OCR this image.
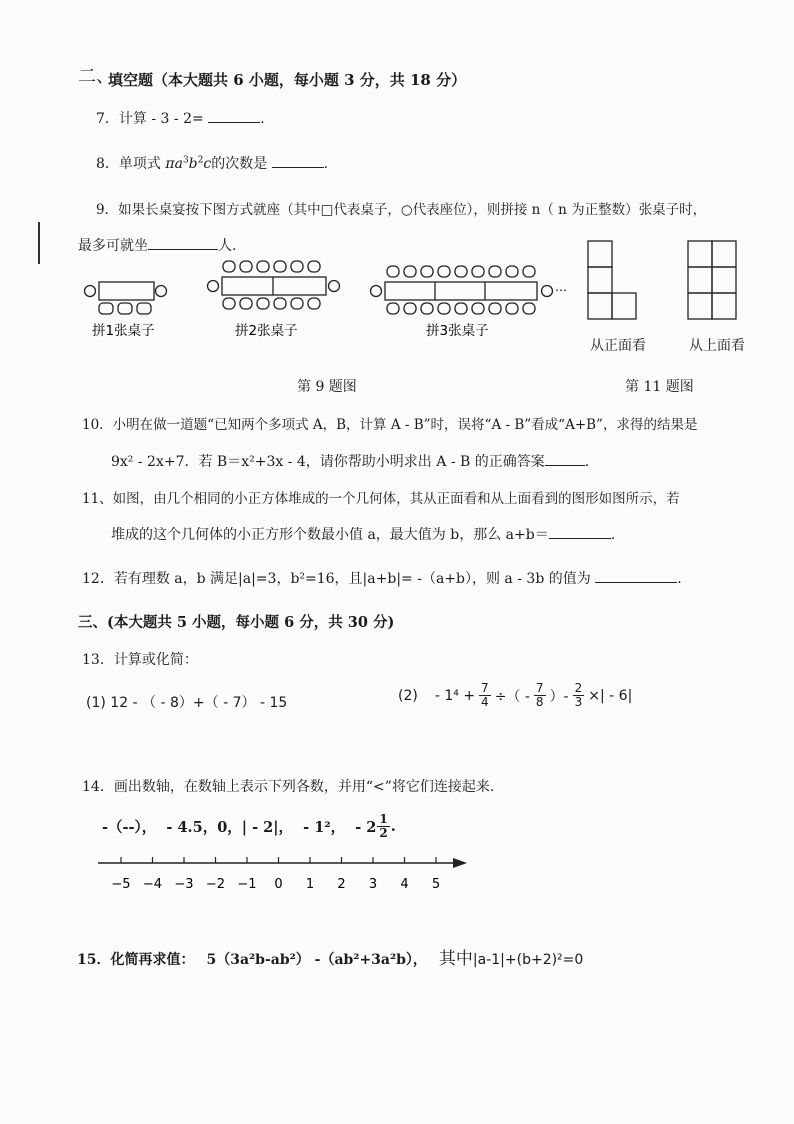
二、
填空题（本大题共 6 小题，每小题 3 分，共 18 分）
7．计算 - 3 - 2=	.
8．单项式 $\pi a^3b^2c$的次数是	.
9．如果长桌宴按下图方式就座（其中□代表桌子，○代表座位），则拼接 n（ n 为正整数）张桌子时，
最多可就坐	人.
…
拼1张桌子	拼2张桌子	拼3张桌子
第 9 题图
从正面看	从上面看
第 11 题图
10．小明在做一道题“已知两个多项式 A，B，计算 A - B”时，误将“A - B”看成“A+B”，求得的结果是
9x² - 2x+7．若 B＝x²+3x - 4，请你帮助小明求出 A - B 的正确答案	.
11、如图，由几个相同的小正方体堆成的一个几何体，其从正面看和从上面看到的图形如图所示，若
堆成的这个几何体的小正方形个数最小值 a，最大值为 b，那么 a+b＝	.
12．若有理数 a，b 满足|a|=3，b²=16，且|a+b|= -（a+b），则 a - 3b 的值为	.
三、(本大题共 5 小题，每小题 6 分，共 30 分)
13．计算或化简：
(1) 12 - （ - 8）+（ - 7） - 15	$(2) - 1^4 + \frac{7}{4}$ ÷（ - $\frac{7}{8}$ ）- $\frac{2}{3}$ ×| - 6|
14．画出数轴，在数轴上表示下列各数，并用“<”将它们连接起来.
-（--），  - 4.5，0，| - 2|，  - 1²，  - $2 \frac{1}{2}$ .
−5 −4 −3 −2 −1 0 1 2 3 4 5
15．化简再求值： 5（3a²b-ab²） -（ab²+3a²b）， 其中 |a-1|+(b+2)²=0
